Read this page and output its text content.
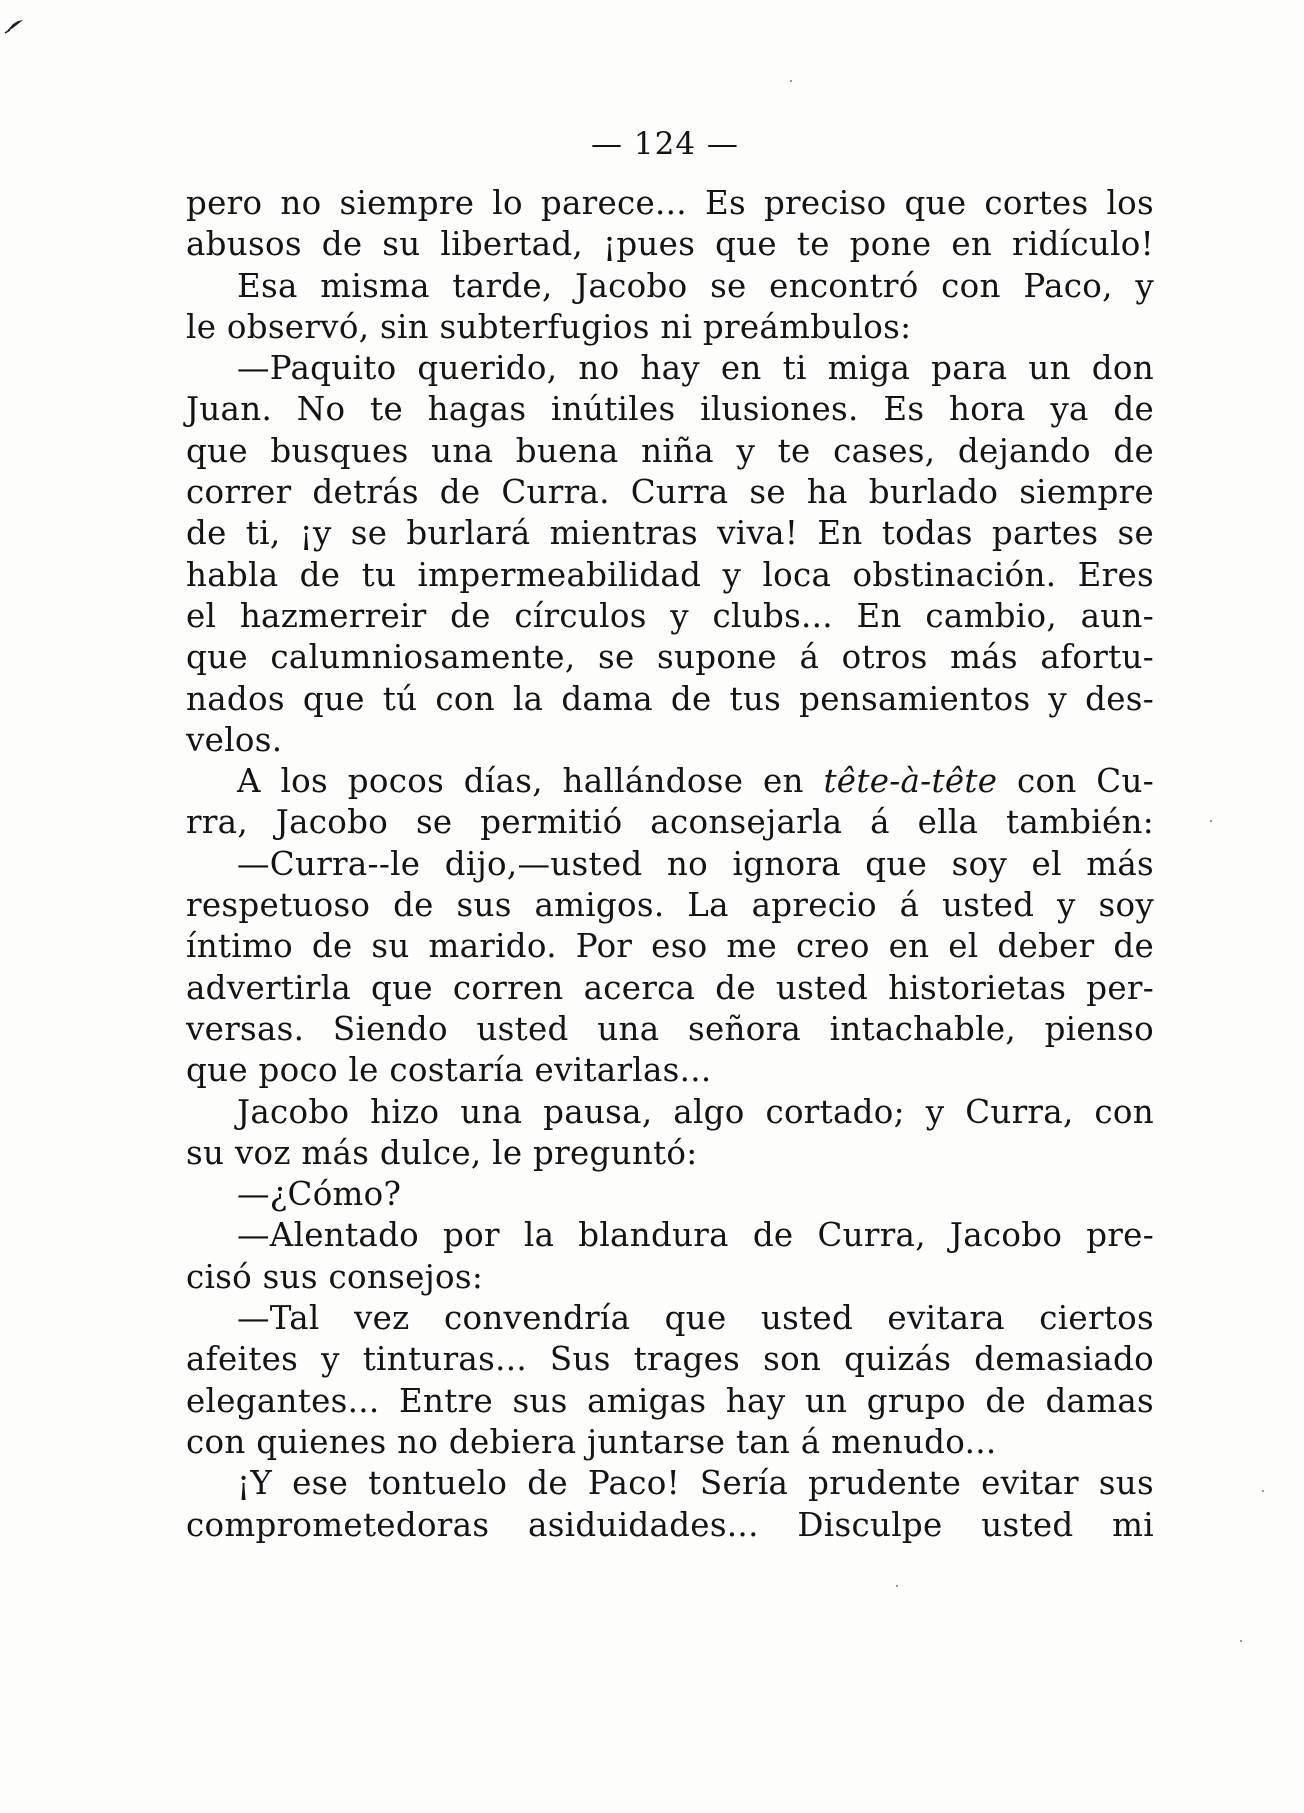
— 124 —
pero no siempre lo parece... Es preciso que cortes los
abusos de su libertad, ¡pues que te pone en ridículo!
Esa misma tarde, Jacobo se encontró con Paco, y
le observó, sin subterfugios ni preámbulos:
—Paquito querido, no hay en ti miga para un don
Juan. No te hagas inútiles ilusiones. Es hora ya de
que busques una buena niña y te cases, dejando de
correr detrás de Curra. Curra se ha burlado siempre
de ti, ¡y se burlará mientras viva! En todas partes se
habla de tu impermeabilidad y loca obstinación. Eres
el hazmerreir de círculos y clubs... En cambio, aun-
que calumniosamente, se supone á otros más afortu-
nados que tú con la dama de tus pensamientos y des-
velos.
A los pocos días, hallándose en tête-à-tête con Cu-
rra, Jacobo se permitió aconsejarla á ella también:
—Curra--le dijo,—usted no ignora que soy el más
respetuoso de sus amigos. La aprecio á usted y soy
íntimo de su marido. Por eso me creo en el deber de
advertirla que corren acerca de usted historietas per-
versas. Siendo usted una señora intachable, pienso
que poco le costaría evitarlas...
Jacobo hizo una pausa, algo cortado; y Curra, con
su voz más dulce, le preguntó:
—¿Cómo?
—Alentado por la blandura de Curra, Jacobo pre-
cisó sus consejos:
—Tal vez convendría que usted evitara ciertos
afeites y tinturas... Sus trages son quizás demasiado
elegantes... Entre sus amigas hay un grupo de damas
con quienes no debiera juntarse tan á menudo...
¡Y ese tontuelo de Paco! Sería prudente evitar sus
comprometedoras asiduidades... Disculpe usted mi
